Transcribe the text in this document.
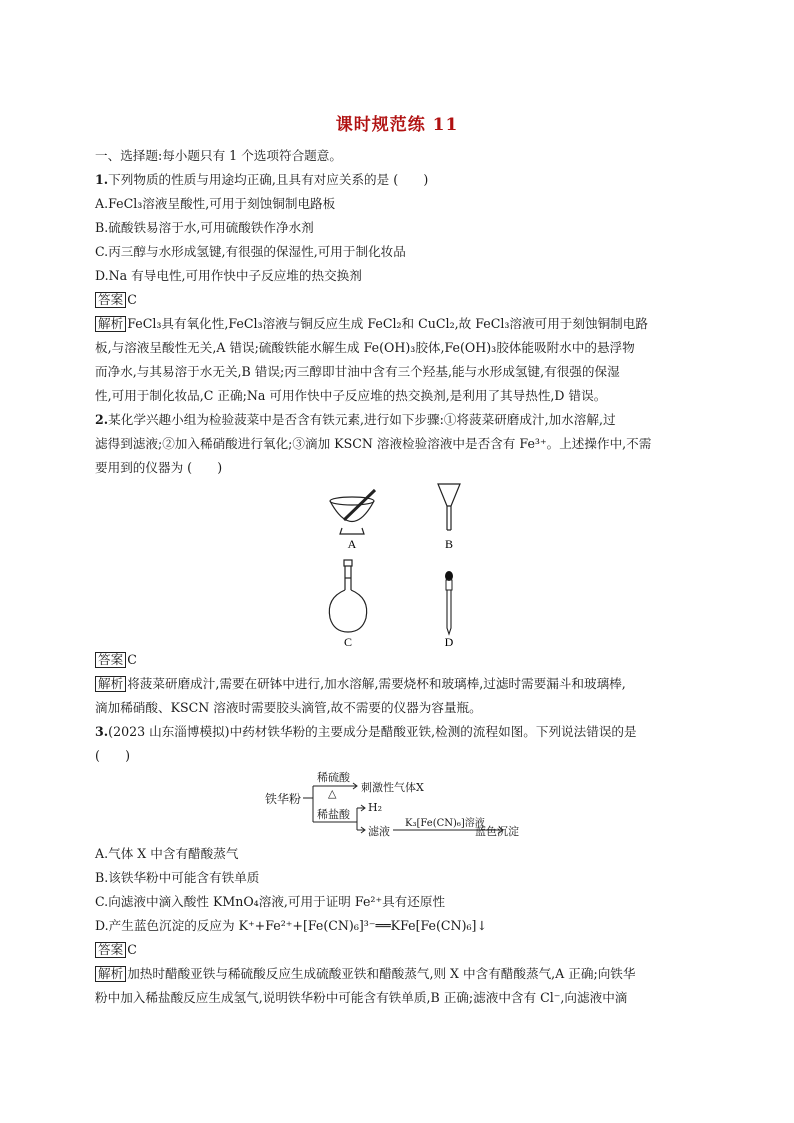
课时规范练 11
一、选择题:每小题只有 1 个选项符合题意。
1.下列物质的性质与用途均正确,且具有对应关系的是 (　　)
A.FeCl₃溶液呈酸性,可用于刻蚀铜制电路板
B.硫酸铁易溶于水,可用硫酸铁作净水剂
C.丙三醇与水形成氢键,有很强的保湿性,可用于制化妆品
D.Na 有导电性,可用作快中子反应堆的热交换剂
答案 C
解析 FeCl₃具有氧化性,FeCl₃溶液与铜反应生成 FeCl₂和 CuCl₂,故 FeCl₃溶液可用于刻蚀铜制电路
板,与溶液呈酸性无关,A 错误;硫酸铁能水解生成 Fe(OH)₃胶体,Fe(OH)₃胶体能吸附水中的悬浮物
而净水,与其易溶于水无关,B 错误;丙三醇即甘油中含有三个羟基,能与水形成氢键,有很强的保湿
性,可用于制化妆品,C 正确;Na 可用作快中子反应堆的热交换剂,是利用了其导热性,D 错误。
2.某化学兴趣小组为检验菠菜中是否含有铁元素,进行如下步骤:①将菠菜研磨成汁,加水溶解,过
滤得到滤液;②加入稀硝酸进行氧化;③滴加 KSCN 溶液检验溶液中是否含有 Fe³⁺。上述操作中,不需
要用到的仪器为 (　　)
A	B
C	D
答案 C
解析 将菠菜研磨成汁,需要在研钵中进行,加水溶解,需要烧杯和玻璃棒,过滤时需要漏斗和玻璃棒,
滴加稀硝酸、KSCN 溶液时需要胶头滴管,故不需要的仪器为容量瓶。
3.(2023 山东淄博模拟)中药材铁华粉的主要成分是醋酸亚铁,检测的流程如图。下列说法错误的是
(　　)
铁华粉
稀硫酸
△ 刺激性气体X
稀盐酸
H₂
滤液
K₃[Fe(CN)₆]溶液
蓝色沉淀
A.气体 X 中含有醋酸蒸气
B.该铁华粉中可能含有铁单质
C.向滤液中滴入酸性 KMnO₄溶液,可用于证明 Fe²⁺具有还原性
D.产生蓝色沉淀的反应为 K⁺+Fe²⁺+[Fe(CN)₆]³⁻══KFe[Fe(CN)₆]↓
答案 C
解析 加热时醋酸亚铁与稀硫酸反应生成硫酸亚铁和醋酸蒸气,则 X 中含有醋酸蒸气,A 正确;向铁华
粉中加入稀盐酸反应生成氢气,说明铁华粉中可能含有铁单质,B 正确;滤液中含有 Cl⁻,向滤液中滴
